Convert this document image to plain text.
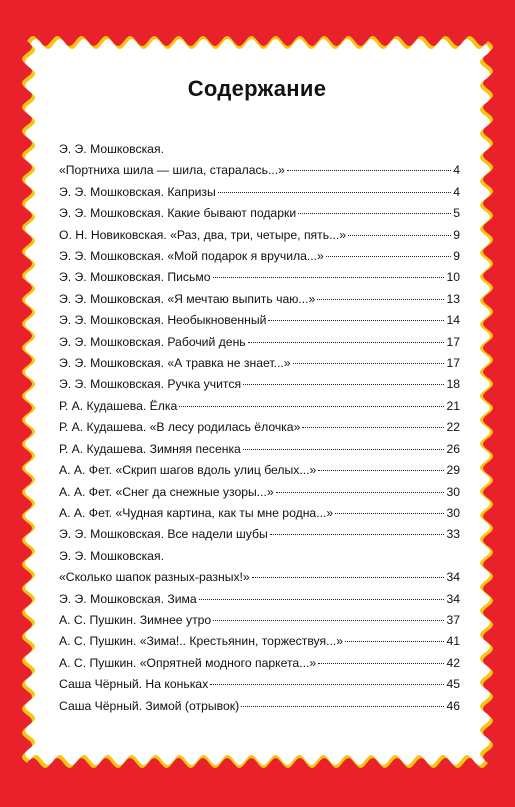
Содержание
Э. Э. Мошковская.
«Портниха шила — шила, старалась...»	4
Э. Э. Мошковская. Капризы	4
Э. Э. Мошковская. Какие бывают подарки	5
О. Н. Новиковская. «Раз, два, три, четыре, пять...»	9
Э. Э. Мошковская. «Мой подарок я вручила...»	9
Э. Э. Мошковская. Письмо	10
Э. Э. Мошковская. «Я мечтаю выпить чаю...»	13
Э. Э. Мошковская. Необыкновенный	14
Э. Э. Мошковская. Рабочий день	17
Э. Э. Мошковская. «А травка не знает...»	17
Э. Э. Мошковская. Ручка учится	18
Р. А. Кудашева. Ёлка	21
Р. А. Кудашева. «В лесу родилась ёлочка»	22
Р. А. Кудашева. Зимняя песенка	26
А. А. Фет. «Скрип шагов вдоль улиц белых...»	29
А. А. Фет. «Снег да снежные узоры...»	30
А. А. Фет. «Чудная картина, как ты мне родна...»	30
Э. Э. Мошковская. Все надели шубы	33
Э. Э. Мошковская.
«Сколько шапок разных-разных!»	34
Э. Э. Мошковская. Зима	34
А. С. Пушкин. Зимнее утро	37
А. С. Пушкин. «Зима!.. Крестьянин, торжествуя...»	41
А. С. Пушкин. «Опрятней модного паркета...»	42
Саша Чёрный. На коньках	45
Саша Чёрный. Зимой (отрывок)	46
